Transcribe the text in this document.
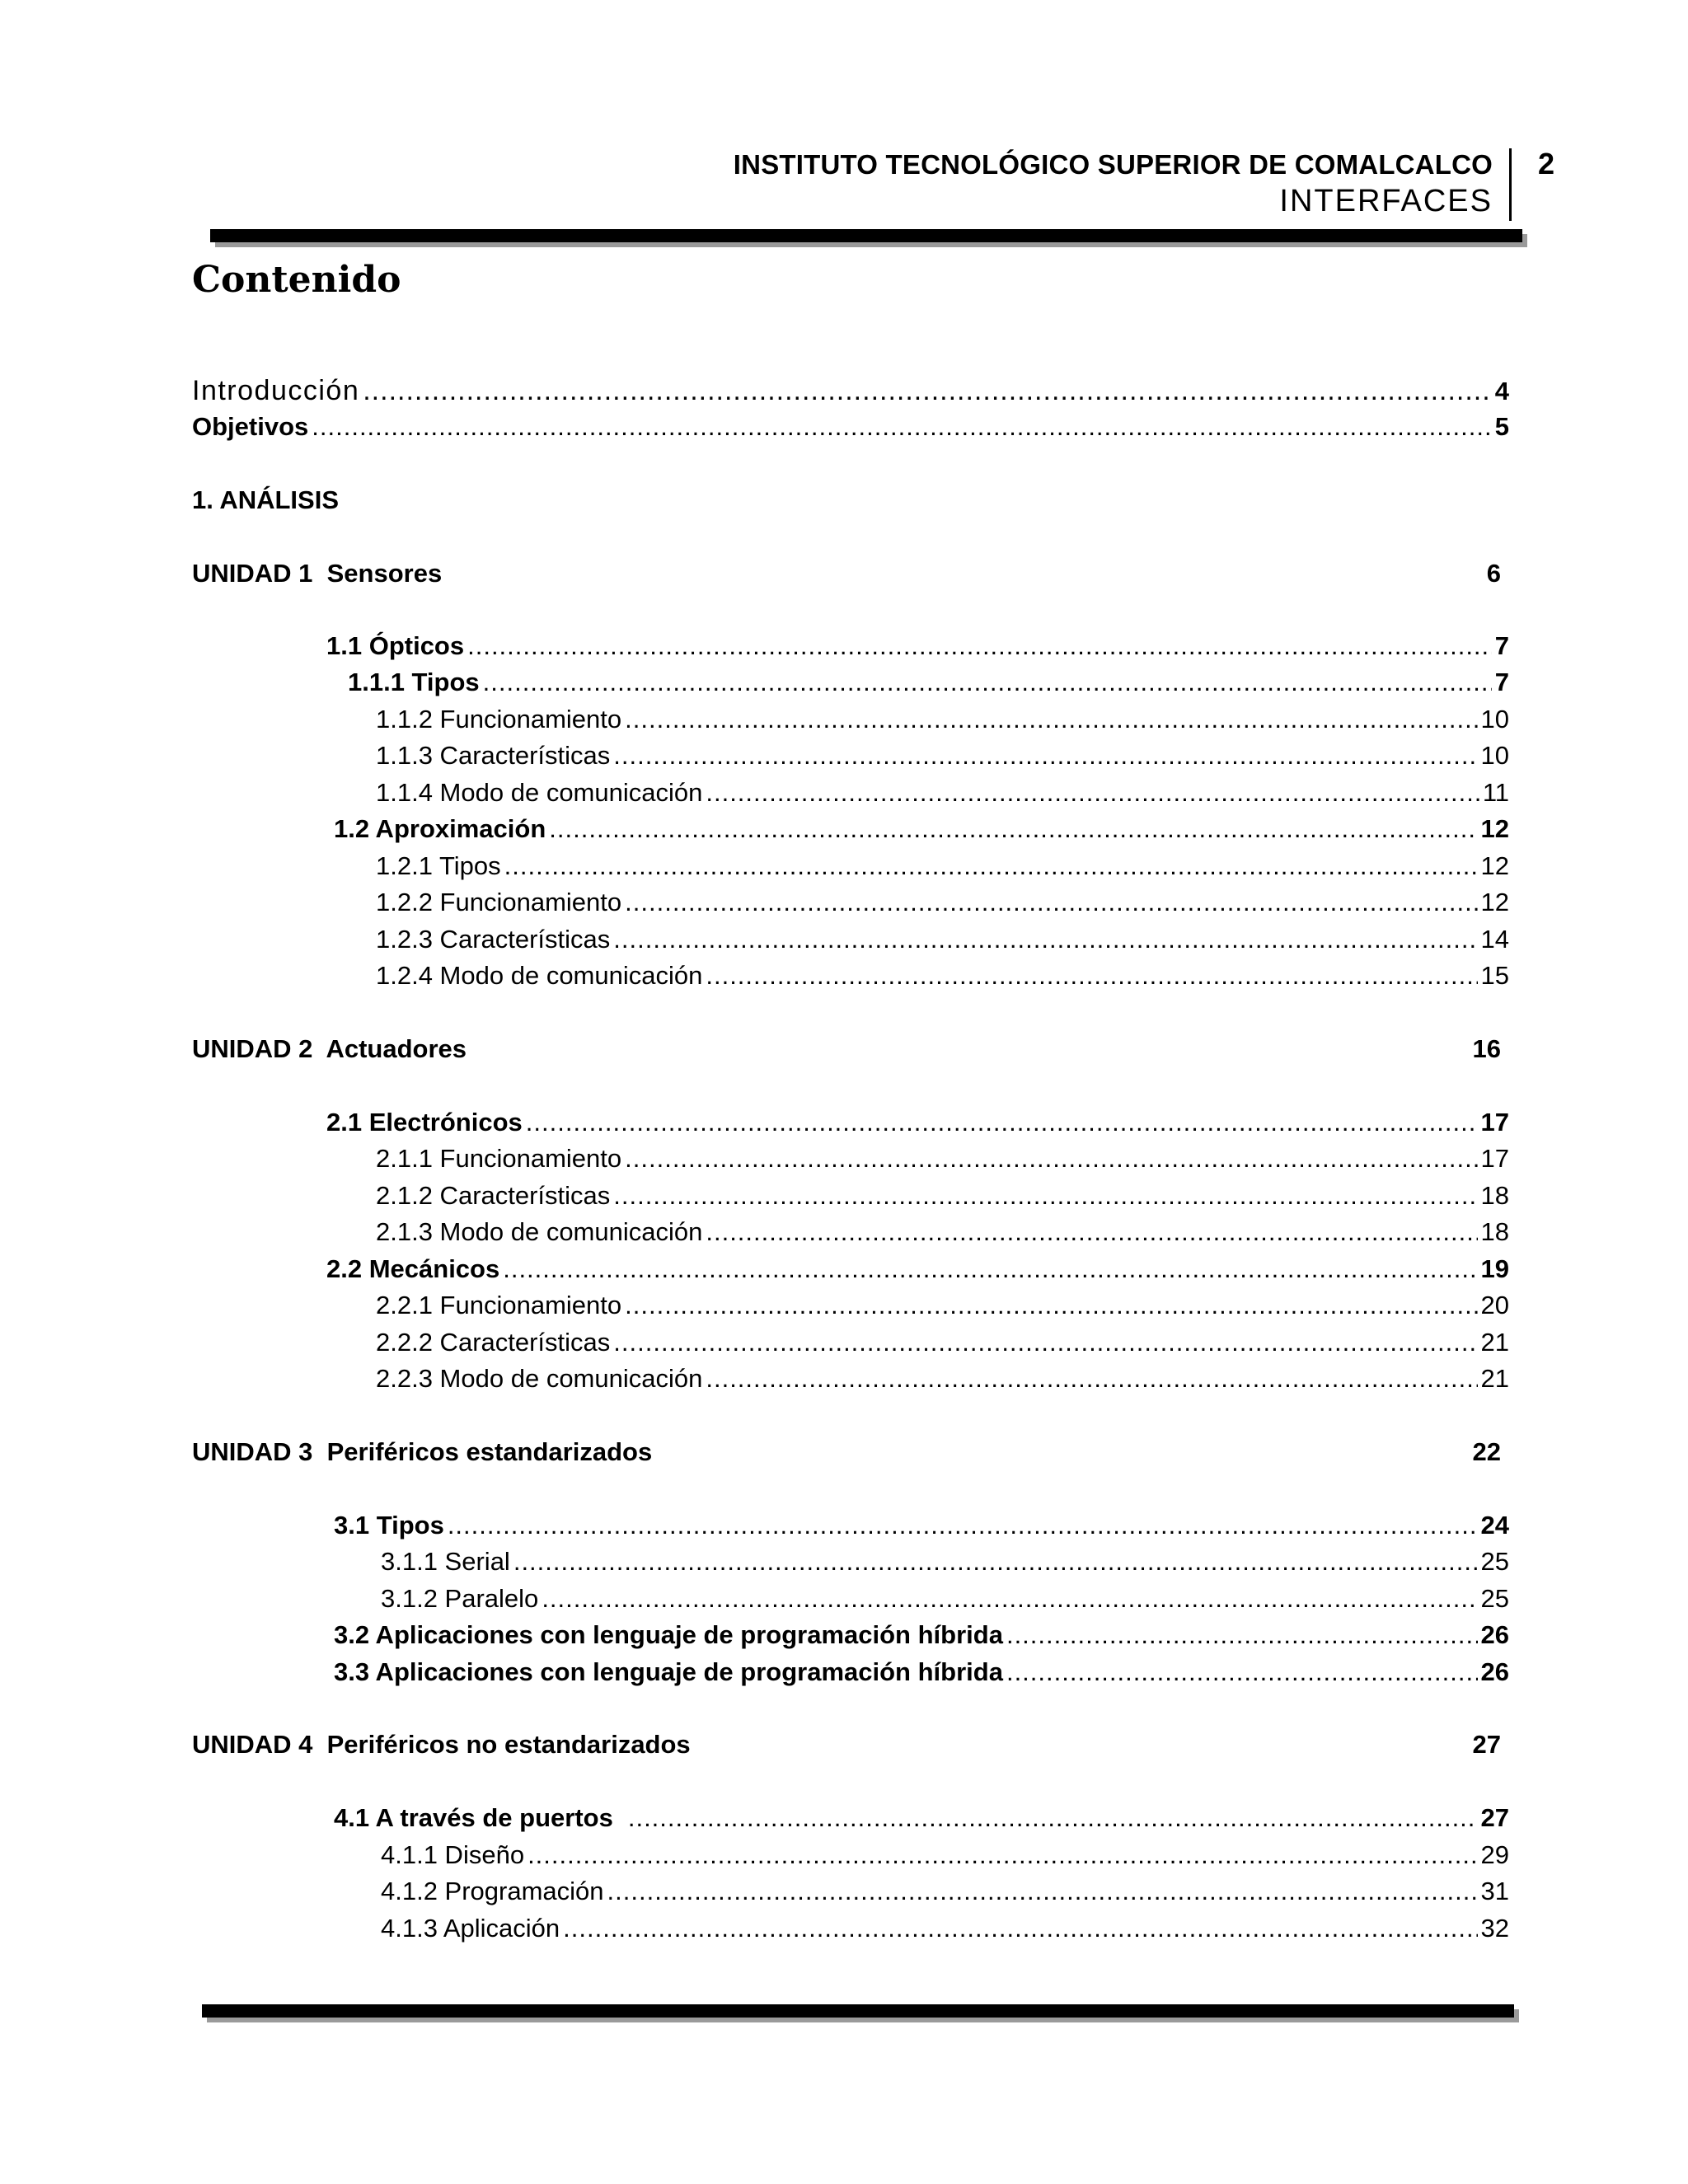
INSTITUTO TECNOLÓGICO SUPERIOR DE COMALCALCO
INTERFACES
2
Contenido
Introducción .....	4
Objetivos .....	5
1. ANÁLISIS
UNIDAD 1  Sensores	6
1.1 Ópticos .....	7
1.1.1 Tipos .....	7
1.1.2 Funcionamiento .....	10
1.1.3 Características .....	10
1.1.4 Modo de comunicación .....	11
1.2 Aproximación .....	12
1.2.1 Tipos .....	12
1.2.2 Funcionamiento .....	12
1.2.3 Características .....	14
1.2.4 Modo de comunicación .....	15
UNIDAD 2  Actuadores	16
2.1 Electrónicos .....	17
2.1.1 Funcionamiento .....	17
2.1.2 Características .....	18
2.1.3 Modo de comunicación .....	18
2.2 Mecánicos .....	19
2.2.1 Funcionamiento .....	20
2.2.2 Características .....	21
2.2.3 Modo de comunicación .....	21
UNIDAD 3  Periféricos estandarizados	22
3.1 Tipos .....	24
3.1.1 Serial .....	25
3.1.2 Paralelo .....	25
3.2 Aplicaciones con lenguaje de programación híbrida .....	26
3.3 Aplicaciones con lenguaje de programación híbrida .....	26
UNIDAD 4  Periféricos no estandarizados	27
4.1 A través de puertos .....	27
4.1.1 Diseño .....	29
4.1.2 Programación .....	31
4.1.3 Aplicación .....	32
